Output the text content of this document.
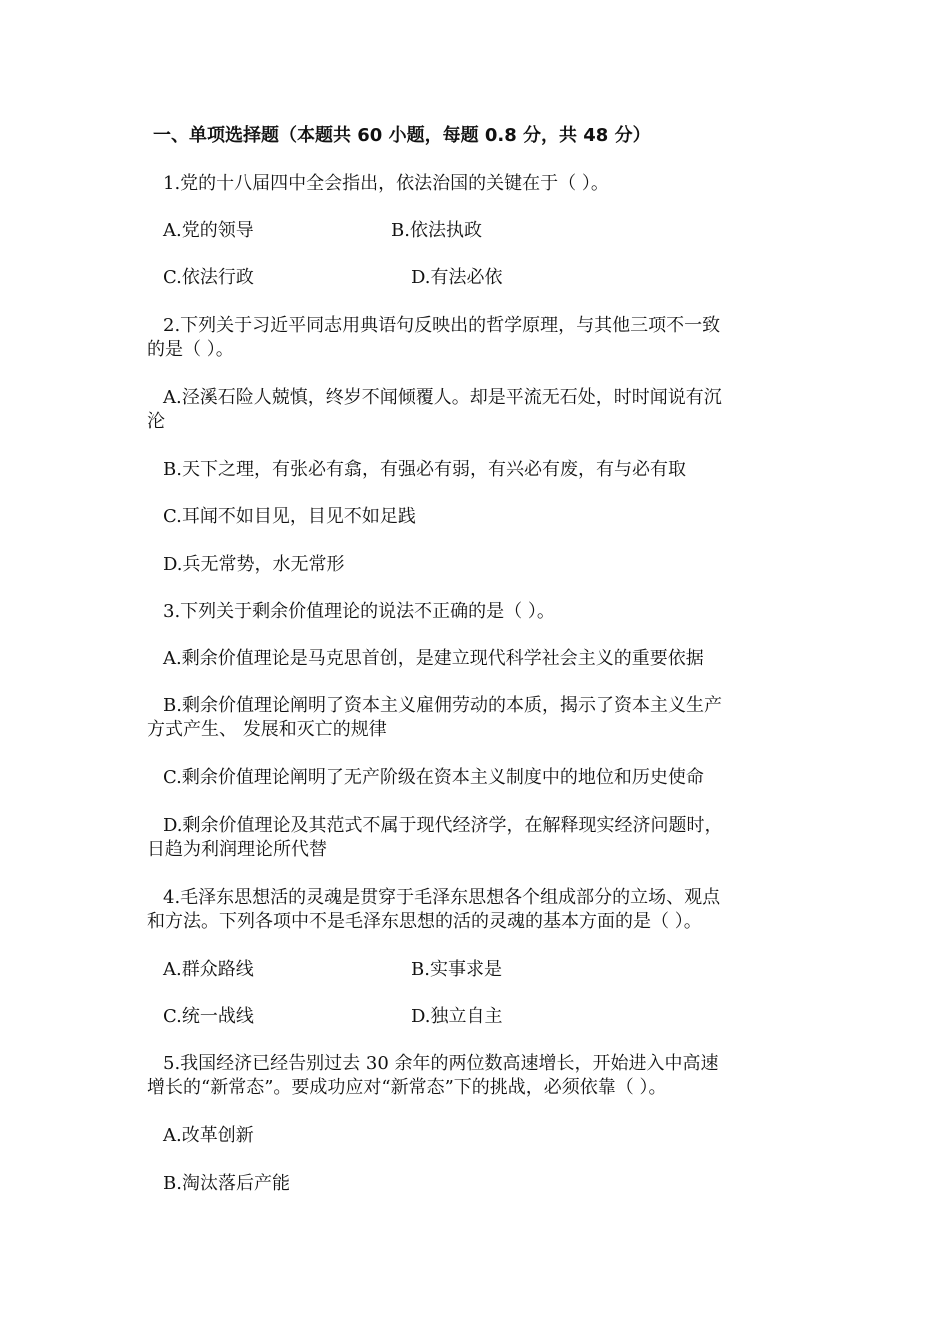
一、单项选择题（本题共 60 小题，每题 0.8 分，共 48 分）
1.党的十八届四中全会指出，依法治国的关键在于（ ）。
A.党的领导	B.依法执政
C.依法行政	D.有法必依
2.下列关于习近平同志用典语句反映出的哲学原理，与其他三项不一致
的是（ ）。
A.泾溪石险人兢慎，终岁不闻倾覆人。却是平流无石处，时时闻说有沉
沦
B.天下之理，有张必有翕，有强必有弱，有兴必有废，有与必有取
C.耳闻不如目见，目见不如足践
D.兵无常势，水无常形
3.下列关于剩余价值理论的说法不正确的是（ ）。
A.剩余价值理论是马克思首创，是建立现代科学社会主义的重要依据
B.剩余价值理论阐明了资本主义雇佣劳动的本质，揭示了资本主义生产
方式产生、 发展和灭亡的规律
C.剩余价值理论阐明了无产阶级在资本主义制度中的地位和历史使命
D.剩余价值理论及其范式不属于现代经济学，在解释现实经济问题时，
日趋为利润理论所代替
4.毛泽东思想活的灵魂是贯穿于毛泽东思想各个组成部分的立场、观点
和方法。下列各项中不是毛泽东思想的活的灵魂的基本方面的是（ ）。
A.群众路线	B.实事求是
C.统一战线	D.独立自主
5.我国经济已经告别过去 30 余年的两位数高速增长，开始进入中高速
增长的“新常态”。要成功应对“新常态”下的挑战，必须依靠（ ）。
A.改革创新
B.淘汰落后产能
